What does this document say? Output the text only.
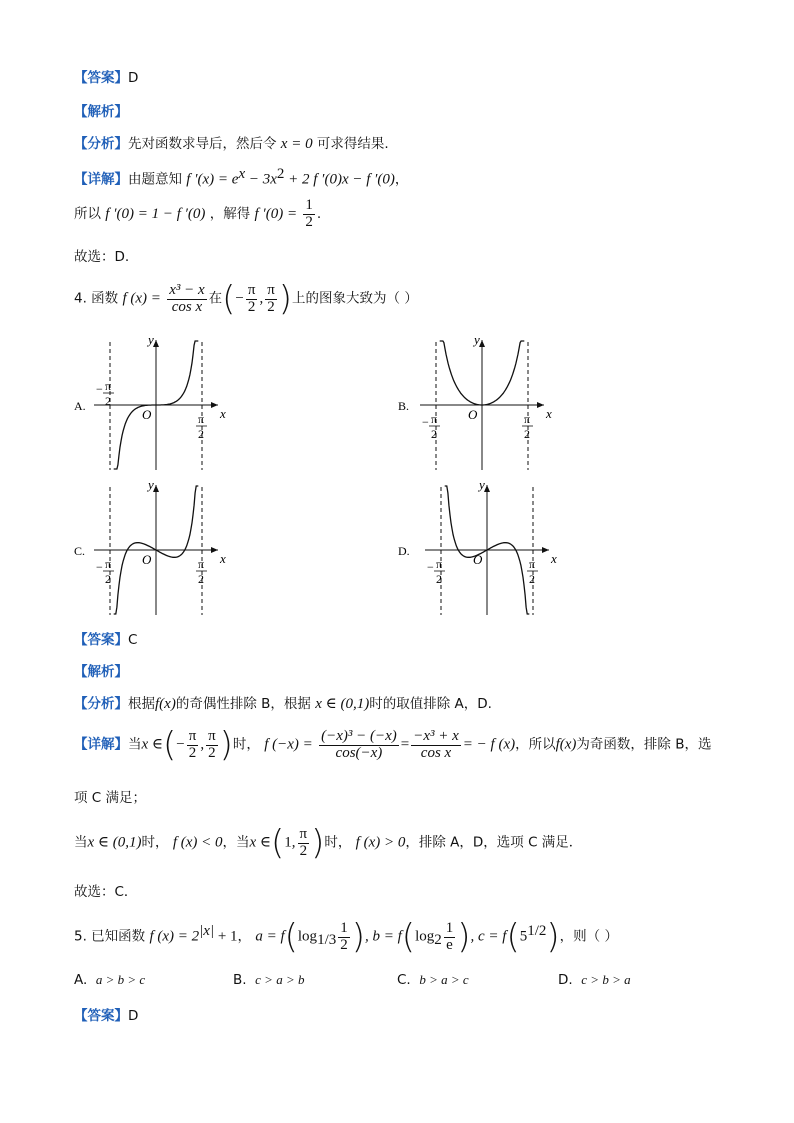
【答案】D
【解析】
【分析】先对函数求导后，然后令 x = 0 可求得结果.
【详解】由题意知 f $'(x) = e^x - 3x^2 + 2$ f ′(0)x − f ′(0)，
所以 f ′(0) = 1 − f ′(0) ，解得 f $'(0) = \frac{1}{2}$ .
故选：D.
4. 函数 f $(x) = \frac{\text{x³ − x}}{\text{cos x}}$ 在(− $\frac{\pi}{2}$ , $\frac{\pi}{2}$ )上的图象大致为（ ）
A.
y
x
O
− π
2
π
2
B.
y
x
O
− π
2
π
2
C.
y
x
O
− π
2
π
2
D.
y
x
O
− π
2
π
2
【答案】C
【解析】
【分析】根据f(x)的奇偶性排除 B，根据 x ∈ (0,1)时的取值排除 A，D.
【详解】当x ∈(− $\frac{\pi}{2}$ , $\frac{\pi}{2}$ )时， f $(-x) = \frac{\text{(−x)³ − (−x)}}{\cos(-x)} = \frac{\text{−x³ + x}}{\text{cos x}}$ = − f (x)，所以f(x)为奇函数，排除 B，选
项 C 满足；
当x ∈ (0,1)时， f (x) < 0，当x ∈(1, $\frac{\pi}{2}$ )时， f (x) > 0，排除 A，D，选项 C 满足．
故选：C．
5. 已知函数 f $(x) = 2^{|x|} + 1$， $a = f(\log_{1/3} \frac{1}{2}$ ), $b = f(\log_2 \frac{1}{e}$ ), $c = f(5^{1/2})$，则（ ）
A. a > b > c	B. c > a > b	C. b > a > c	D. c > b > a
【答案】D
